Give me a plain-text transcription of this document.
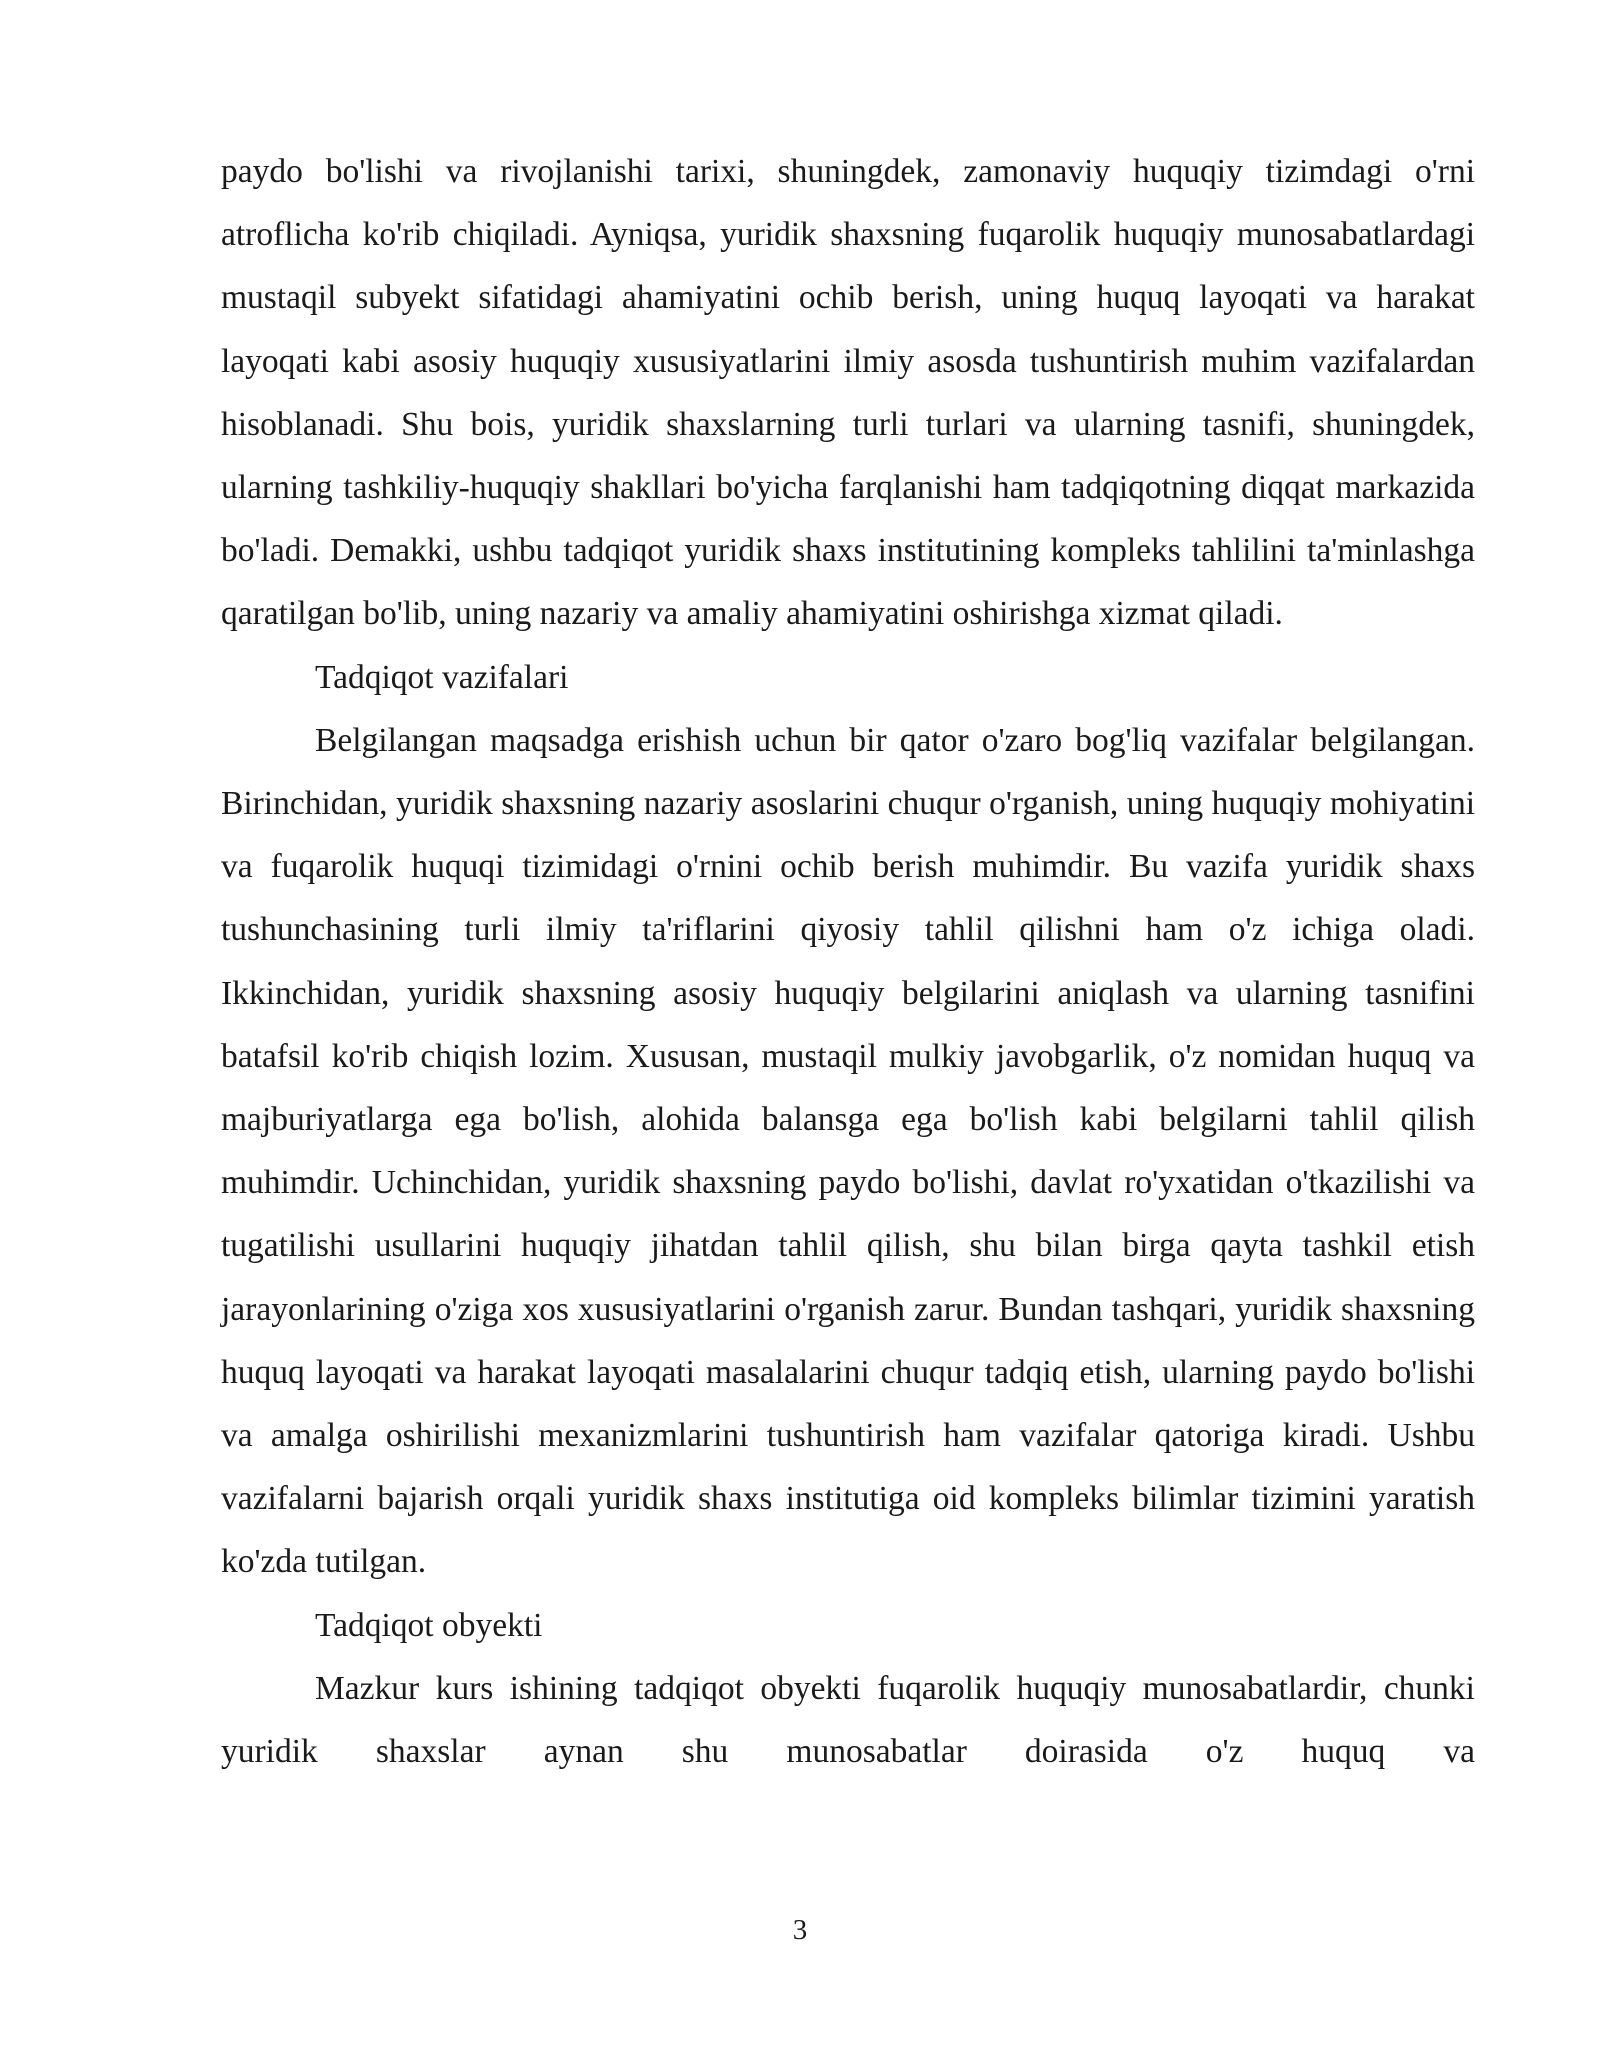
paydo bo'lishi va rivojlanishi tarixi, shuningdek, zamonaviy huquqiy tizimdagi o'rni atroflicha ko'rib chiqiladi. Ayniqsa, yuridik shaxsning fuqarolik huquqiy munosabatlardagi mustaqil subyekt sifatidagi ahamiyatini ochib berish, uning huquq layoqati va harakat layoqati kabi asosiy huquqiy xususiyatlarini ilmiy asosda tushuntirish muhim vazifalardan hisoblanadi. Shu bois, yuridik shaxslarning turli turlari va ularning tasnifi, shuningdek, ularning tashkiliy-huquqiy shakllari bo'yicha farqlanishi ham tadqiqotning diqqat markazida bo'ladi. Demakki, ushbu tadqiqot yuridik shaxs institutining kompleks tahlilini ta'minlashga qaratilgan bo'lib, uning nazariy va amaliy ahamiyatini oshirishga xizmat qiladi.

Tadqiqot vazifalari

Belgilangan maqsadga erishish uchun bir qator o'zaro bog'liq vazifalar belgilangan. Birinchidan, yuridik shaxsning nazariy asoslarini chuqur o'rganish, uning huquqiy mohiyatini va fuqarolik huquqi tizimidagi o'rnini ochib berish muhimdir. Bu vazifa yuridik shaxs tushunchasining turli ilmiy ta'riflarini qiyosiy tahlil qilishni ham o'z ichiga oladi. Ikkinchidan, yuridik shaxsning asosiy huquqiy belgilarini aniqlash va ularning tasnifini batafsil ko'rib chiqish lozim. Xususan, mustaqil mulkiy javobgarlik, o'z nomidan huquq va majburiyatlarga ega bo'lish, alohida balansga ega bo'lish kabi belgilarni tahlil qilish muhimdir. Uchinchidan, yuridik shaxsning paydo bo'lishi, davlat ro'yxatidan o'tkazilishi va tugatilishi usullarini huquqiy jihatdan tahlil qilish, shu bilan birga qayta tashkil etish jarayonlarining o'ziga xos xususiyatlarini o'rganish zarur. Bundan tashqari, yuridik shaxsning huquq layoqati va harakat layoqati masalalarini chuqur tadqiq etish, ularning paydo bo'lishi va amalga oshirilishi mexanizmlarini tushuntirish ham vazifalar qatoriga kiradi. Ushbu vazifalarni bajarish orqali yuridik shaxs institutiga oid kompleks bilimlar tizimini yaratish ko'zda tutilgan.

Tadqiqot obyekti

Mazkur kurs ishining tadqiqot obyekti fuqarolik huquqiy munosabatlardir, chunki yuridik shaxslar aynan shu munosabatlar doirasida o'z huquq va

3
